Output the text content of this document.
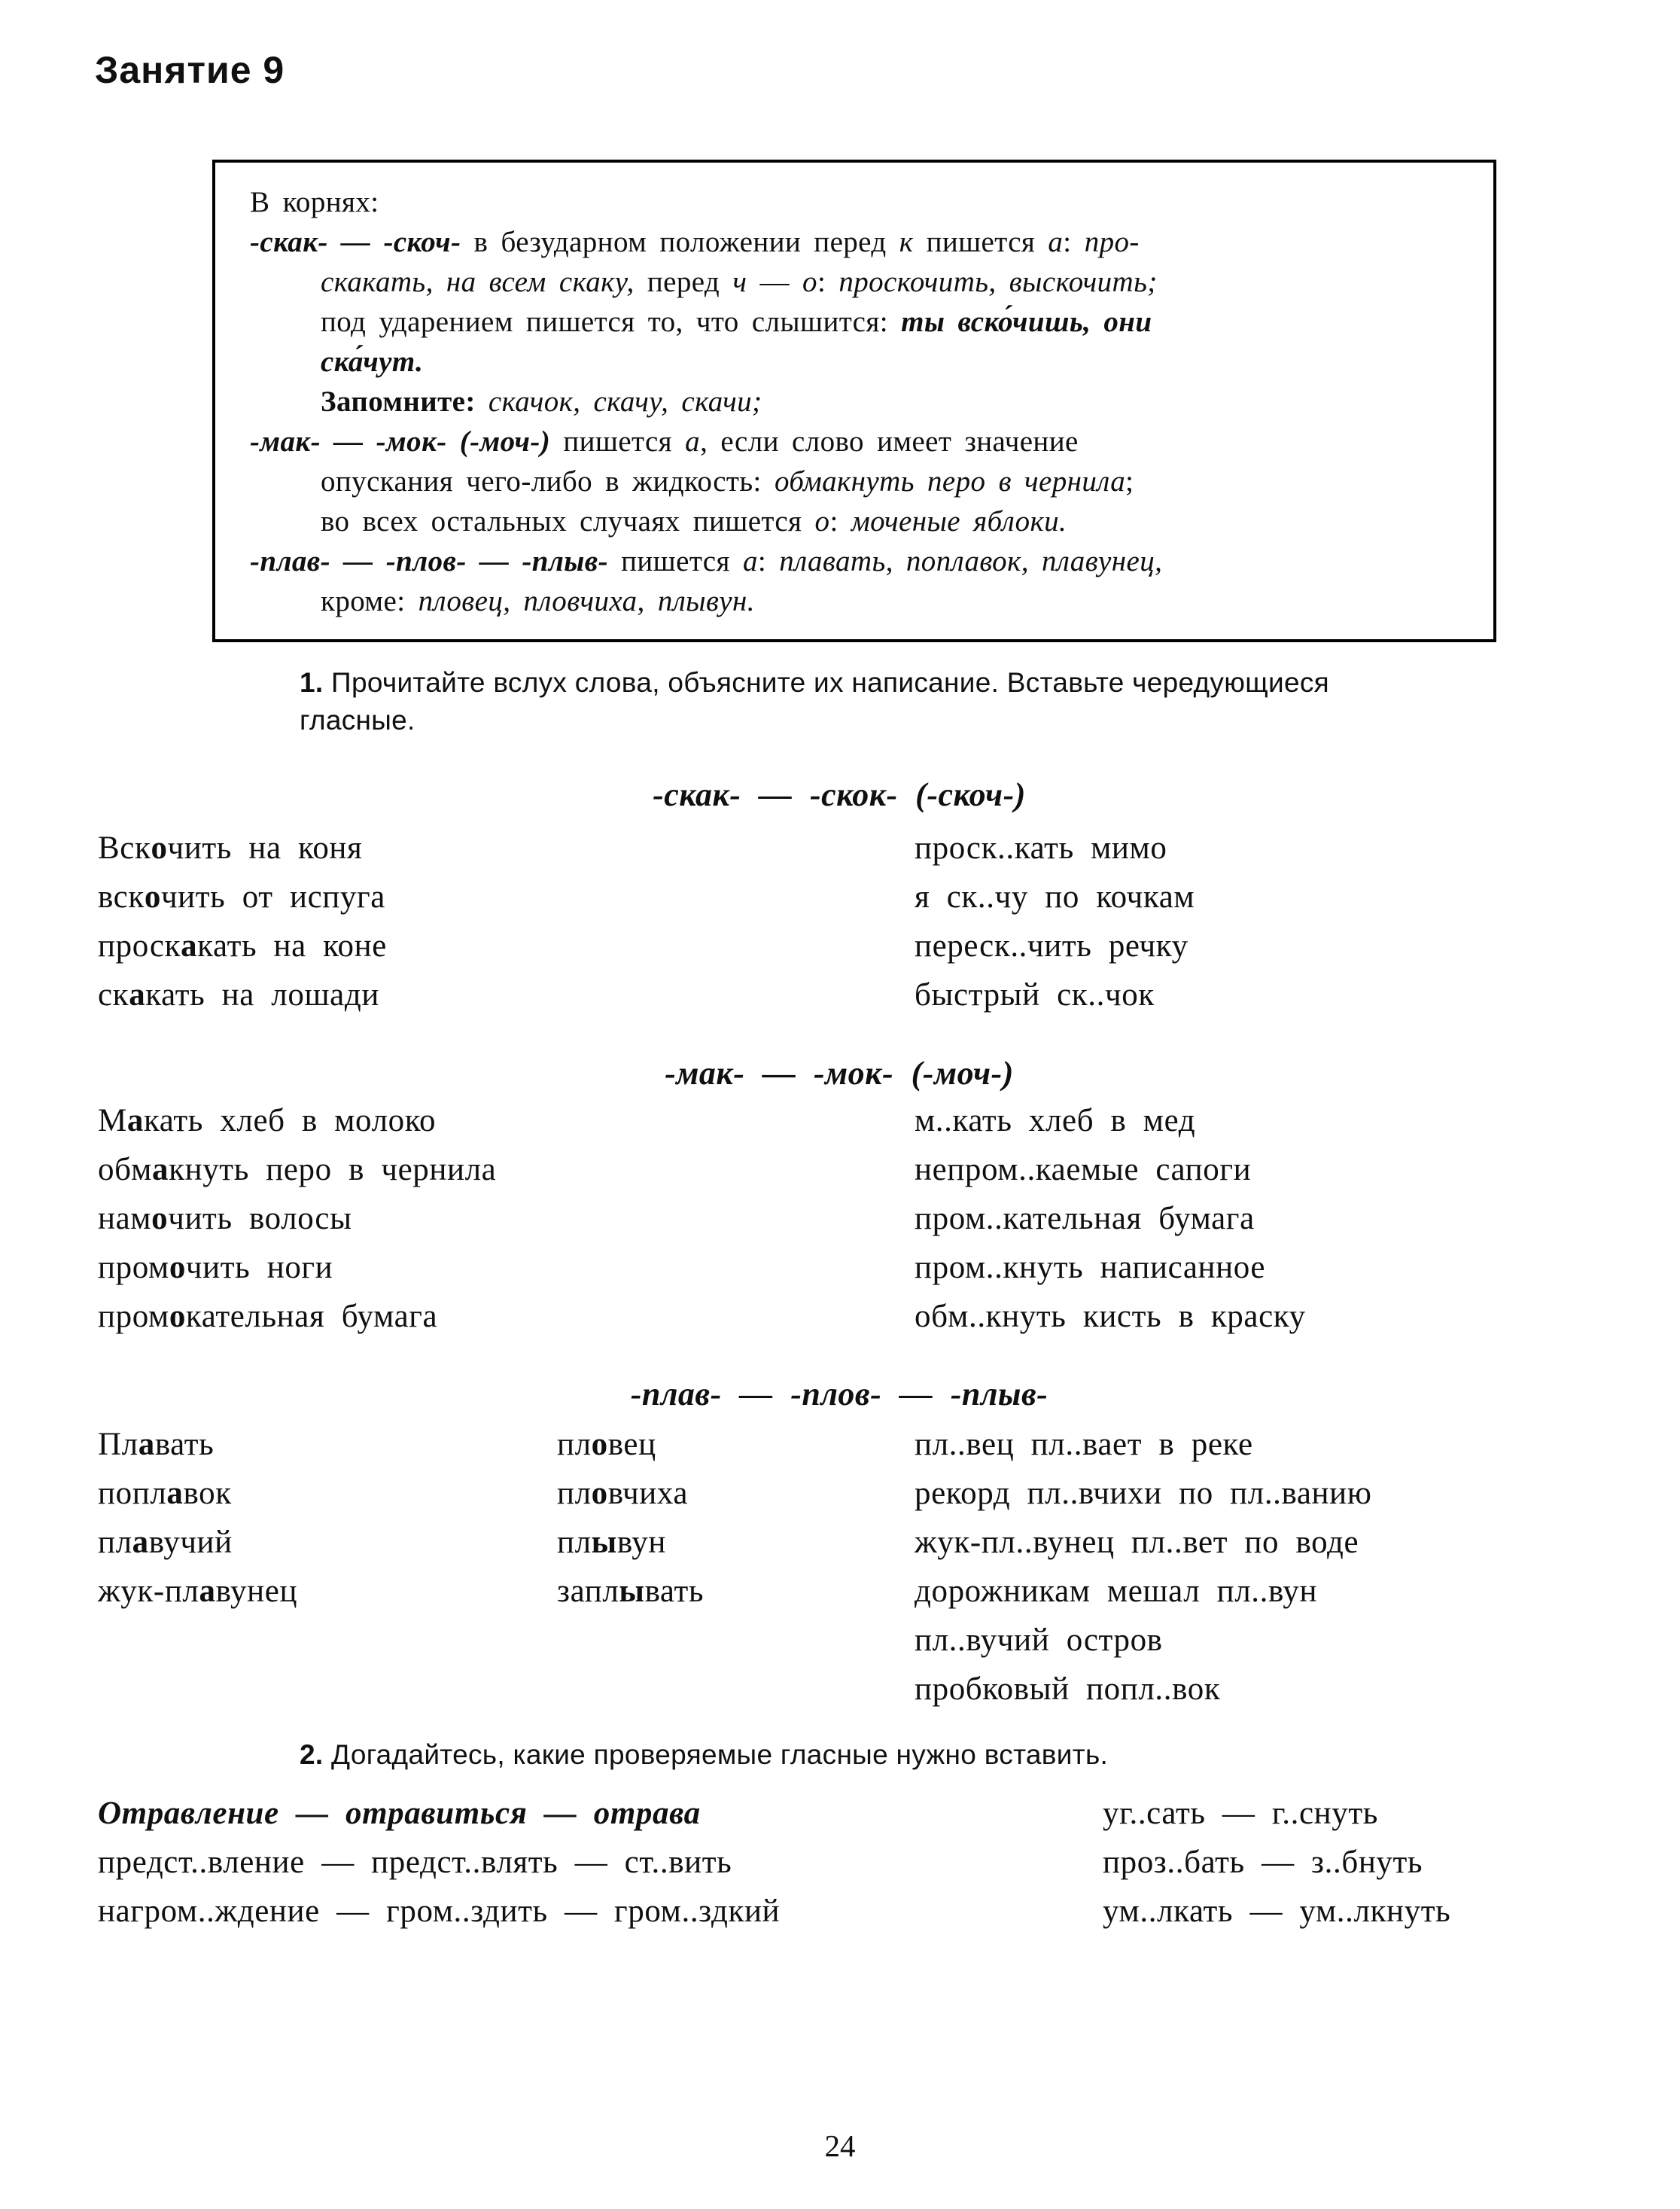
Занятие 9
В корнях:
-скак- — -скоч- в безударном положении перед к пишется а: про-
скакать, на всем скаку, перед ч — о: проскочить, выскочить;
под ударением пишется то, что слышится: ты вско́чишь, они
ска́чут.
Запомните: скачок, скачу, скачи;
-мак- — -мок- (-моч-) пишется а, если слово имеет значение
опускания чего-либо в жидкость: обмакнуть перо в чернила;
во всех остальных случаях пишется о: моченые яблоки.
-плав- — -плов- — -плыв- пишется а: плавать, поплавок, плавунец,
кроме: пловец, пловчиха, плывун.
1. Прочитайте вслух слова, объясните их написание. Вставьте чередующиеся
гласные.
-скак- — -скок- (-скоч-)
Вскочить на коня
вскочить от испуга
проскакать на коне
скакать на лошади
проск..кать мимо
я ск..чу по кочкам
переск..чить речку
быстрый ск..чок
-мак- — -мок- (-моч-)
Макать хлеб в молоко
обмакнуть перо в чернила
намочить волосы
промочить ноги
промокательная бумага
м..кать хлеб в мед
непром..каемые сапоги
пром..кательная бумага
пром..кнуть написанное
обм..кнуть кисть в краску
-плав- — -плов- — -плыв-
Плавать
поплавок
плавучий
жук-плавунец
пловец
пловчиха
плывун
заплывать
пл..вец пл..вает в реке
рекорд пл..вчихи по пл..ванию
жук-пл..вунец пл..вет по воде
дорожникам мешал пл..вун
пл..вучий остров
пробковый попл..вок
2. Догадайтесь, какие проверяемые гласные нужно вставить.
Отравление — отравиться — отрава
предст..вление — предст..влять — ст..вить
нагром..ждение — гром..здить — гром..здкий
уг..сать — г..снуть
проз..бать — з..бнуть
ум..лкать — ум..лкнуть
24
